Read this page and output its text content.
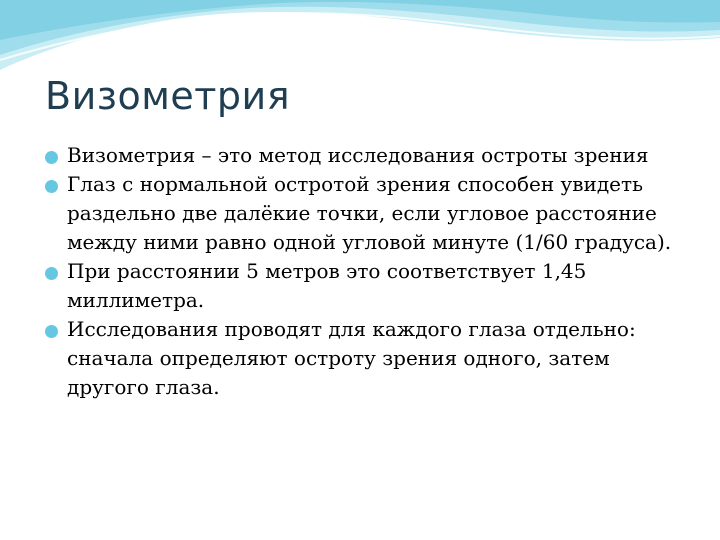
Визометрия
Визометрия – это метод исследования остроты зрения
Глаз с нормальной остротой зрения способен увидеть раздельно две далёкие точки, если угловое расстояние между ними равно одной угловой минуте (1/60 градуса).
При расстоянии 5 метров это соответствует 1,45 миллиметра.
Исследования проводят для каждого глаза отдельно: сначала определяют остроту зрения одного, затем другого глаза.
